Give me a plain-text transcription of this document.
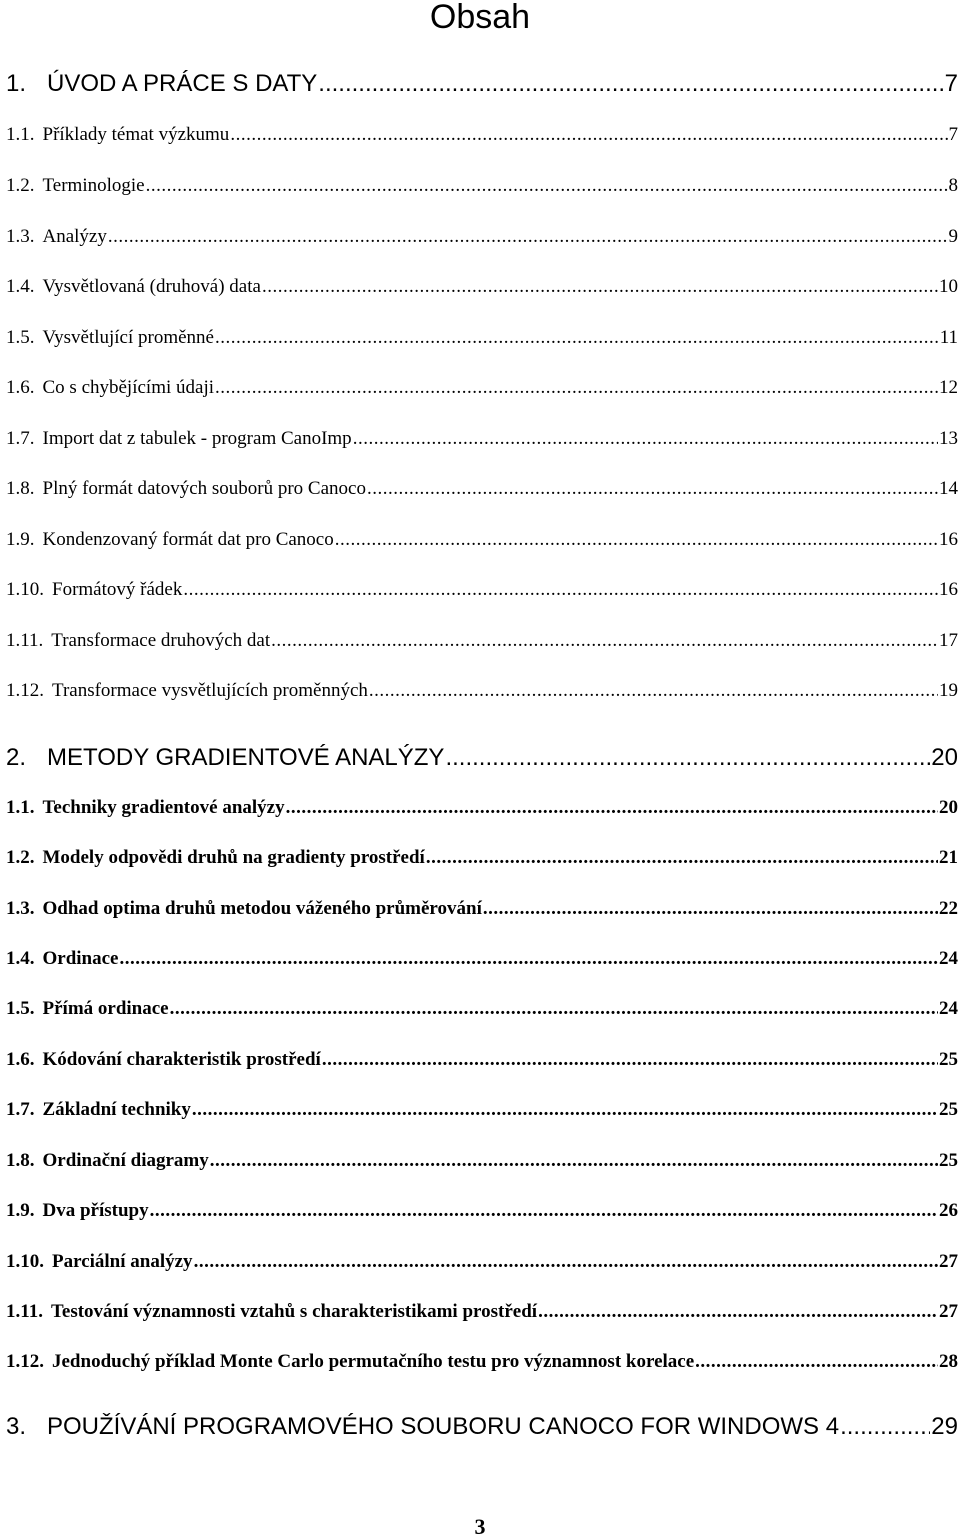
Obsah
1. ÚVOD A PRÁCE S DATY .....	7
1.1. Příklady témat výzkumu .....	7
1.2. Terminologie .....	8
1.3. Analýzy .....	9
1.4. Vysvětlovaná (druhová) data .....	10
1.5. Vysvětlující proměnné .....	11
1.6. Co s chybějícími údaji .....	12
1.7. Import dat z tabulek - program CanoImp .....	13
1.8. Plný formát datových souborů pro Canoco .....	14
1.9. Kondenzovaný formát dat pro Canoco .....	16
1.10. Formátový řádek .....	16
1.11. Transformace druhových dat .....	17
1.12. Transformace vysvětlujících proměnných .....	19
2. METODY GRADIENTOVÉ ANALÝZY .....	20
1.1. Techniky gradientové analýzy .....	20
1.2. Modely odpovědi druhů na gradienty prostředí .....	21
1.3. Odhad optima druhů metodou váženého průměrování .....	22
1.4. Ordinace .....	24
1.5. Přímá ordinace .....	24
1.6. Kódování charakteristik prostředí .....	25
1.7. Základní techniky .....	25
1.8. Ordinační diagramy .....	25
1.9. Dva přístupy .....	26
1.10. Parciální analýzy .....	27
1.11. Testování významnosti vztahů s charakteristikami prostředí .....	27
1.12. Jednoduchý příklad Monte Carlo permutačního testu pro významnost korelace .....	28
3. POUŽÍVÁNÍ PROGRAMOVÉHO SOUBORU CANOCO FOR WINDOWS 4 .....	29
3
